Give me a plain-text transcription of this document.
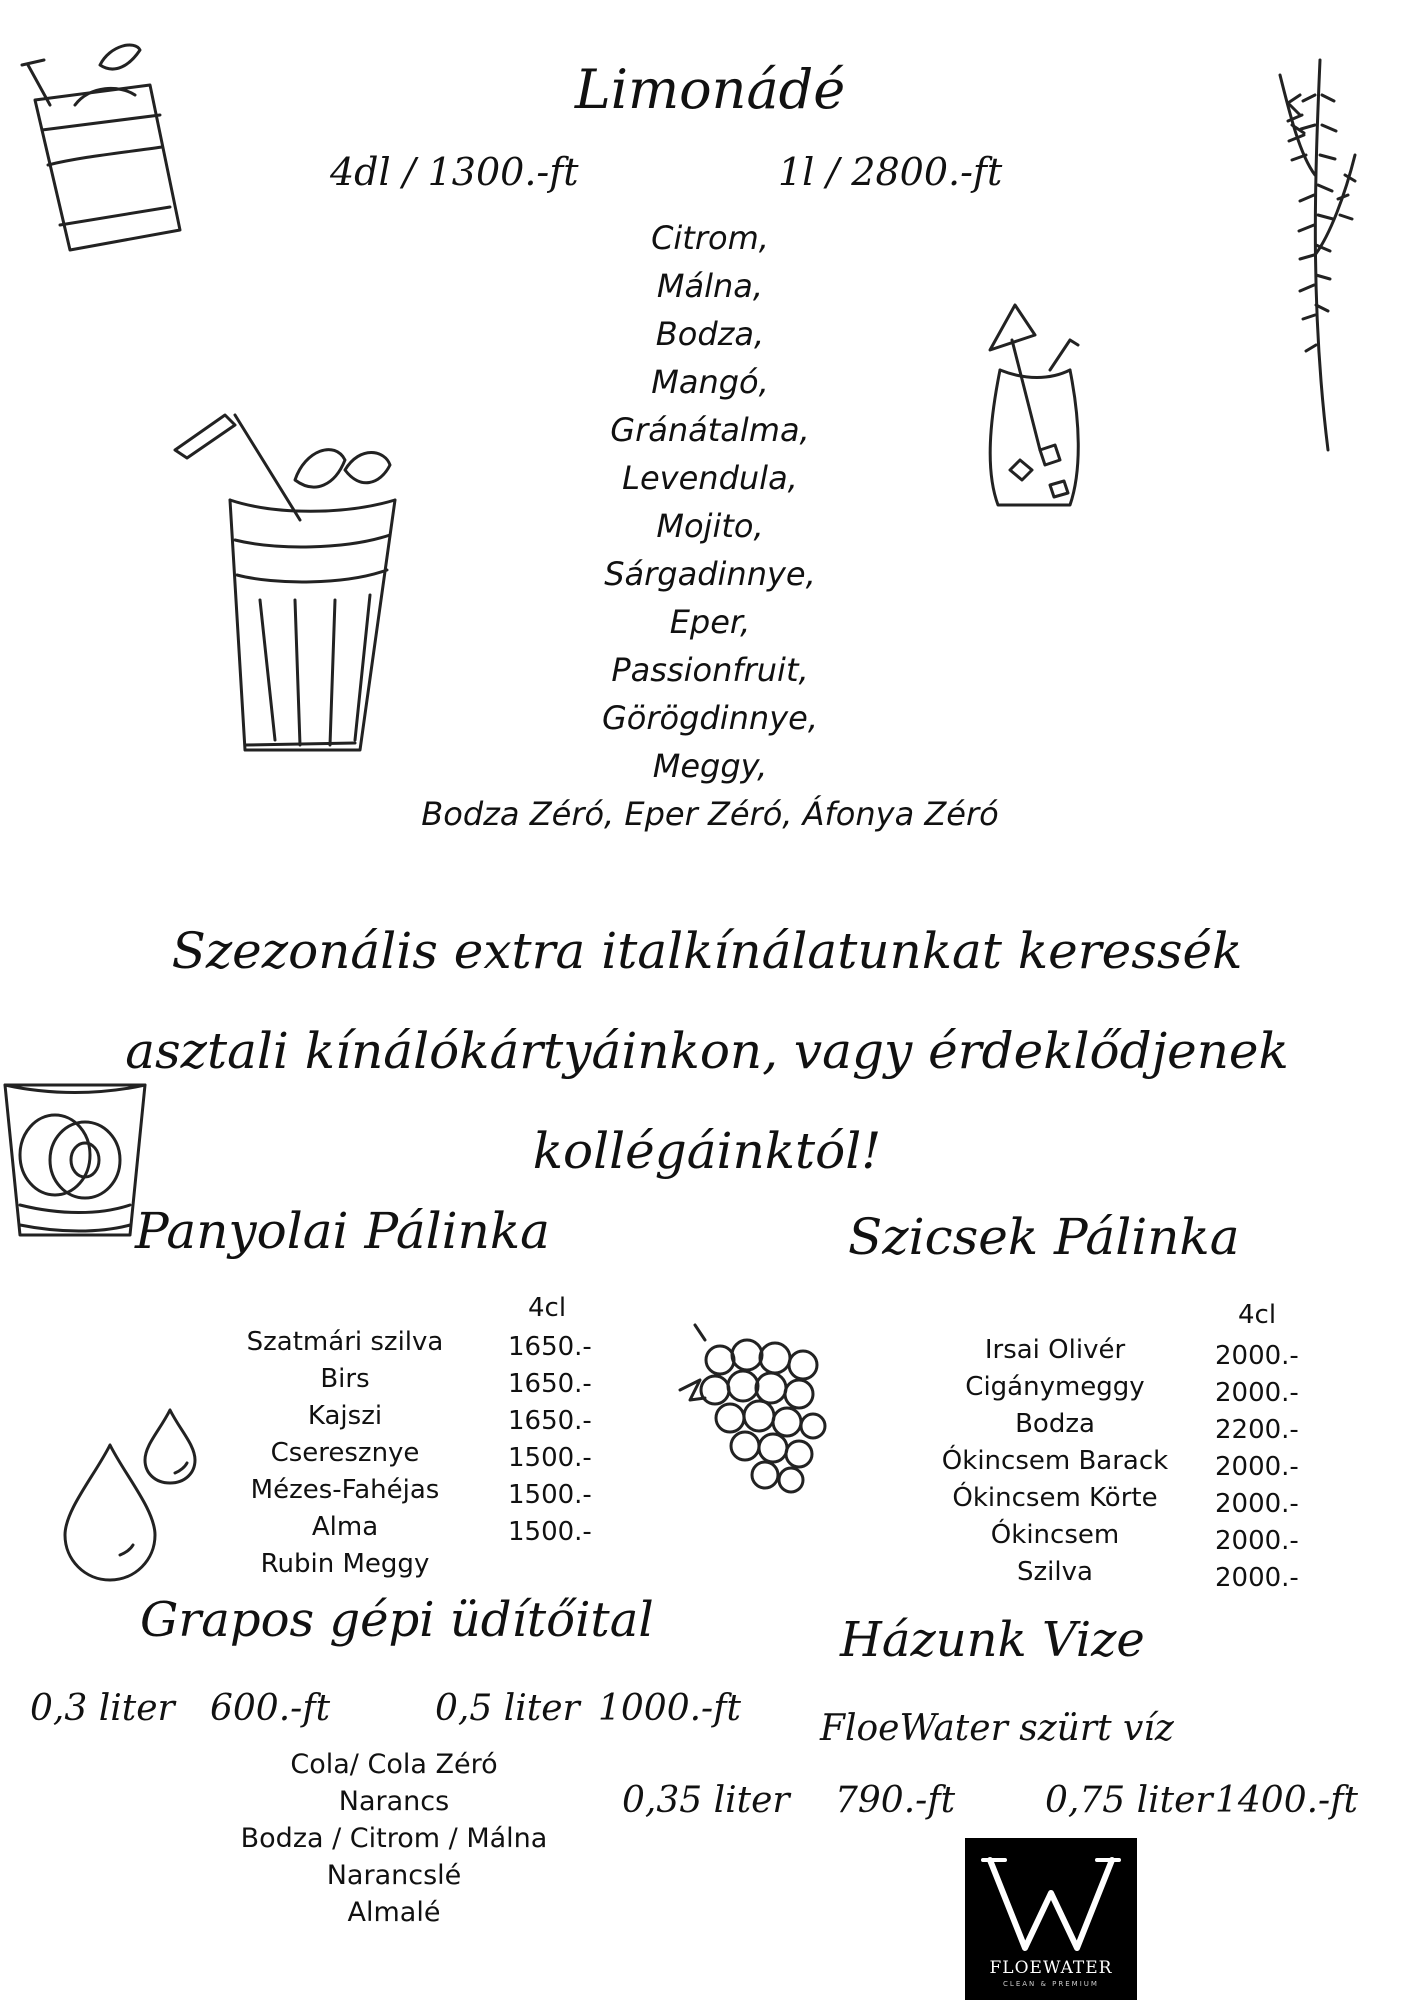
Limonádé
4dl / 1300.-ft	1l / 2800.-ft
Citrom,
Málna,
Bodza,
Mangó,
Gránátalma,
Levendula,
Mojito,
Sárgadinnye,
Eper,
Passionfruit,
Görögdinnye,
Meggy,
Bodza Zéró, Eper Zéró, Áfonya Zéró
Szezonális extra italkínálatunkat keressék
asztali kínálókártyáinkon, vagy érdeklődjenek
kollégáinktól!
Panyolai Pálinka
4cl
Szatmári szilva
Birs
Kajszi
Cseresznye
Mézes-Fahéjas Alma
Rubin Meggy
1650.-
1650.-
1650.-
1500.-
1500.-
1500.-
Szicsek Pálinka
4cl
Irsai Olivér
Cigánymeggy
Bodza
Ókincsem Barack
Ókincsem Körte
Ókincsem
Szilva
2000.-
2000.-
2200.-
2000.-
2000.-
2000.-
2000.-
Grapos gépi üdítőital
0,3 liter 600.-ft	0,5 liter 1000.-ft
Cola/ Cola Zéró
Narancs
Bodza / Citrom / Málna
Narancslé
Almalé
Házunk Vize
FloeWater szürt víz
0,35 liter 790.-ft 0,75 liter 1400.-ft
FLOEWATER
CLEAN & PREMIUM
